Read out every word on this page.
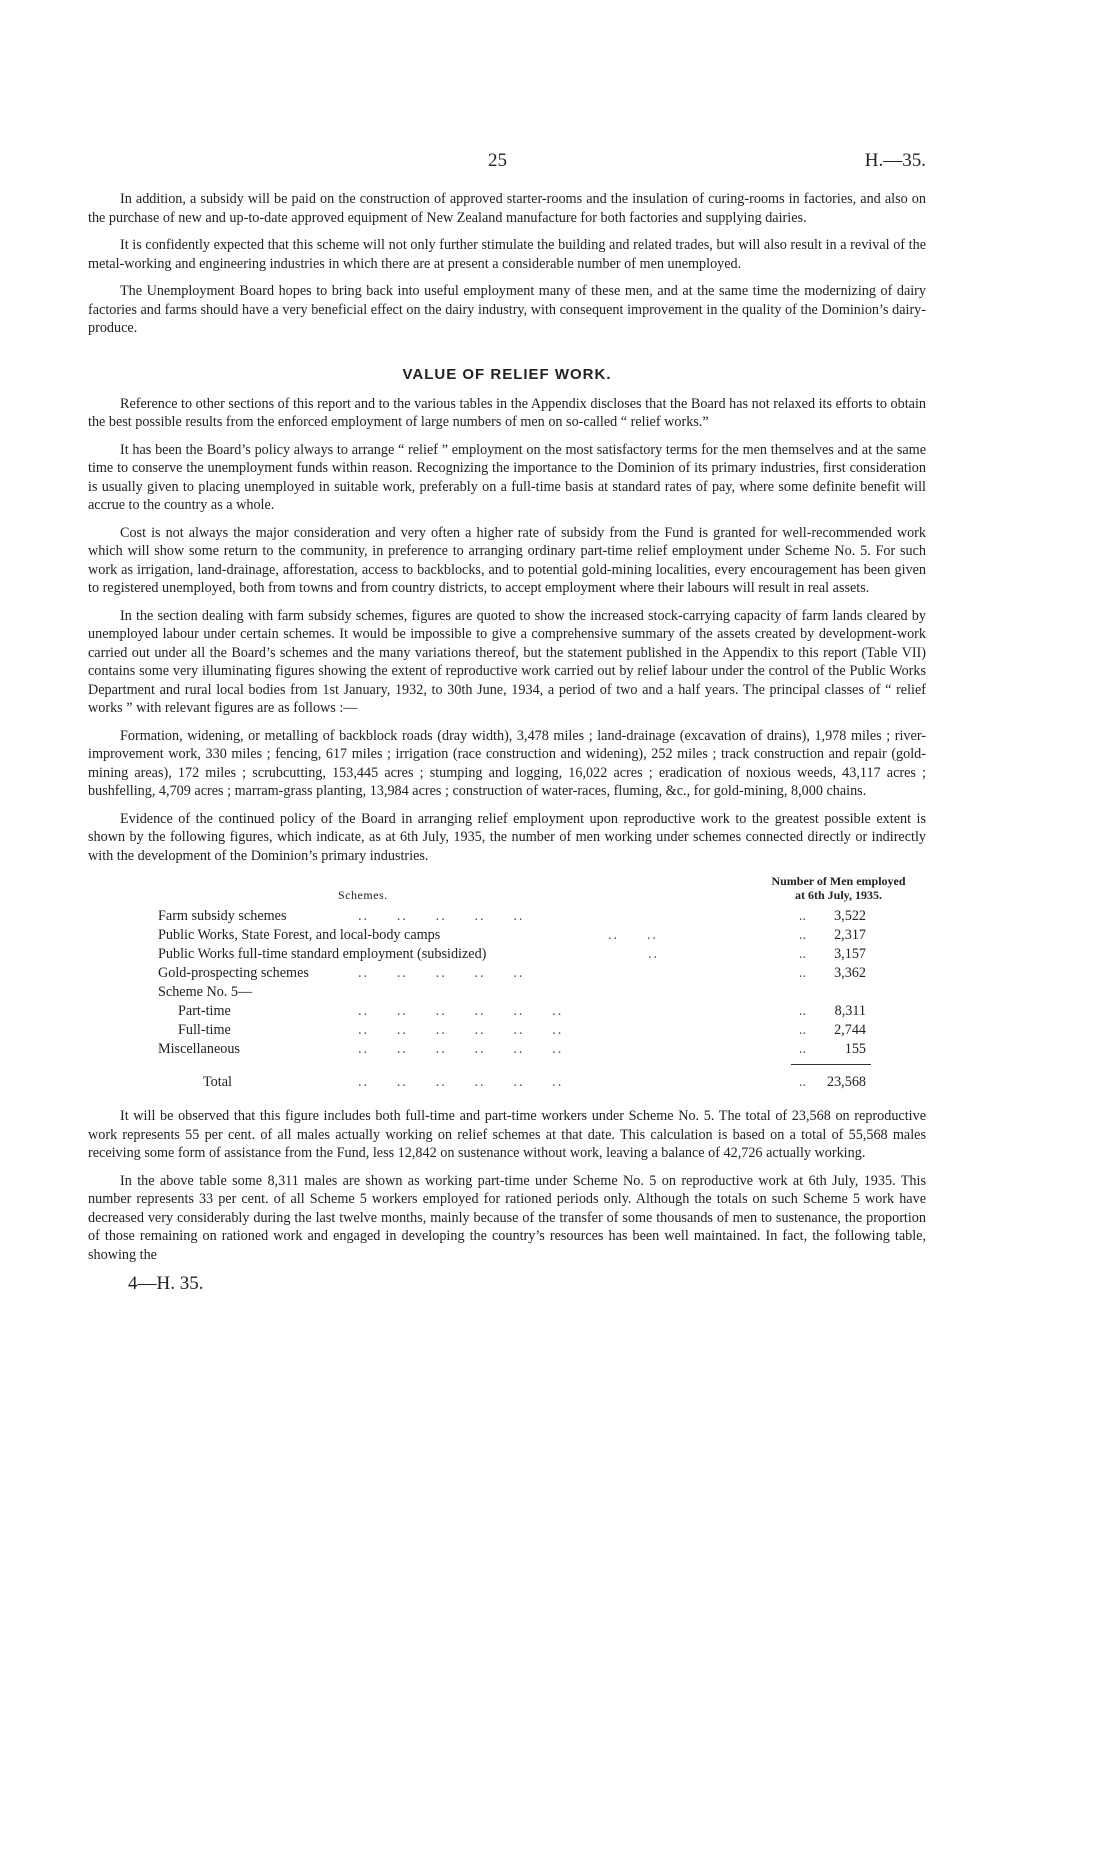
25	H.—35.

In addition, a subsidy will be paid on the construction of approved starter-rooms and the insulation of curing-rooms in factories, and also on the purchase of new and up-to-date approved equipment of New Zealand manufacture for both factories and supplying dairies.

It is confidently expected that this scheme will not only further stimulate the building and related trades, but will also result in a revival of the metal-working and engineering industries in which there are at present a considerable number of men unemployed.

The Unemployment Board hopes to bring back into useful employment many of these men, and at the same time the modernizing of dairy factories and farms should have a very beneficial effect on the dairy industry, with consequent improvement in the quality of the Dominion’s dairy-produce.

VALUE OF RELIEF WORK.

Reference to other sections of this report and to the various tables in the Appendix discloses that the Board has not relaxed its efforts to obtain the best possible results from the enforced employment of large numbers of men on so-called “ relief works.”

It has been the Board’s policy always to arrange “ relief ” employment on the most satisfactory terms for the men themselves and at the same time to conserve the unemployment funds within reason. Recognizing the importance to the Dominion of its primary industries, first consideration is usually given to placing unemployed in suitable work, preferably on a full-time basis at standard rates of pay, where some definite benefit will accrue to the country as a whole.

Cost is not always the major consideration and very often a higher rate of subsidy from the Fund is granted for well-recommended work which will show some return to the community, in preference to arranging ordinary part-time relief employment under Scheme No. 5. For such work as irrigation, land-drainage, afforestation, access to backblocks, and to potential gold-mining localities, every encouragement has been given to registered unemployed, both from towns and from country districts, to accept employment where their labours will result in real assets.

In the section dealing with farm subsidy schemes, figures are quoted to show the increased stock-carrying capacity of farm lands cleared by unemployed labour under certain schemes. It would be impossible to give a comprehensive summary of the assets created by development-work carried out under all the Board’s schemes and the many variations thereof, but the statement published in the Appendix to this report (Table VII) contains some very illuminating figures showing the extent of reproductive work carried out by relief labour under the control of the Public Works Department and rural local bodies from 1st January, 1932, to 30th June, 1934, a period of two and a half years. The principal classes of “ relief works ” with relevant figures are as follows :—

Formation, widening, or metalling of backblock roads (dray width), 3,478 miles ; land-drainage (excavation of drains), 1,978 miles ; river-improvement work, 330 miles ; fencing, 617 miles ; irrigation (race construction and widening), 252 miles ; track construction and repair (gold-mining areas), 172 miles ; scrubcutting, 153,445 acres ; stumping and logging, 16,022 acres ; eradication of noxious weeds, 43,117 acres ; bushfelling, 4,709 acres ; marram-grass planting, 13,984 acres ; construction of water-races, fluming, &c., for gold-mining, 8,000 chains.

Evidence of the continued policy of the Board in arranging relief employment upon reproductive work to the greatest possible extent is shown by the following figures, which indicate, as at 6th July, 1935, the number of men working under schemes connected directly or indirectly with the development of the Dominion’s primary industries.

Schemes.
Number of Men employed
at 6th July, 1935.
Farm subsidy schemes	..     ..     ..     ..     ..	.. 3,522
Public Works, State Forest, and local-body camps	..     ..	.. 2,317
Public Works full-time standard employment (subsidized)	..	.. 3,157
Gold-prospecting schemes	..     ..     ..     ..     ..	.. 3,362
Scheme No. 5—
Part-time	..     ..     ..     ..     ..     ..	.. 8,311
Full-time	..     ..     ..     ..     ..     ..	.. 2,744
Miscellaneous	..     ..     ..     ..     ..     ..	..	155
Total	..     ..     ..     ..     ..     ..	.. 23,568

It will be observed that this figure includes both full-time and part-time workers under Scheme No. 5. The total of 23,568 on reproductive work represents 55 per cent. of all males actually working on relief schemes at that date. This calculation is based on a total of 55,568 males receiving some form of assistance from the Fund, less 12,842 on sustenance without work, leaving a balance of 42,726 actually working.

In the above table some 8,311 males are shown as working part-time under Scheme No. 5 on reproductive work at 6th July, 1935. This number represents 33 per cent. of all Scheme 5 workers employed for rationed periods only. Although the totals on such Scheme 5 work have decreased very considerably during the last twelve months, mainly because of the transfer of some thousands of men to sustenance, the proportion of those remaining on rationed work and engaged in developing the country’s resources has been well maintained. In fact, the following table, showing the

4—H. 35.
